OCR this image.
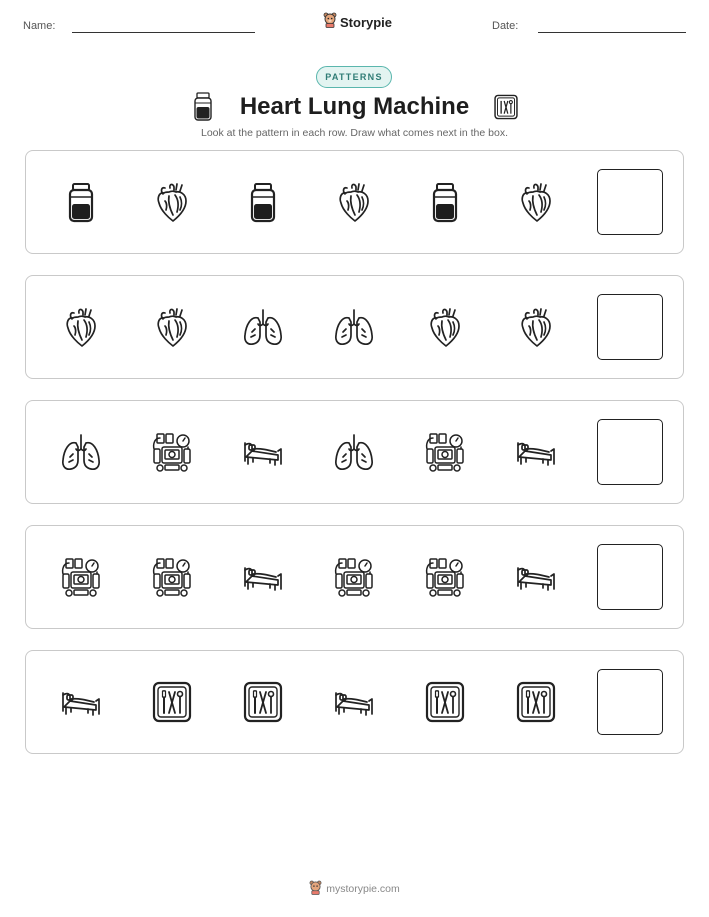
Name:	Storypie	Date:
PATTERNS
Heart Lung Machine
Look at the pattern in each row. Draw what comes next in the box.
mystorypie.com
